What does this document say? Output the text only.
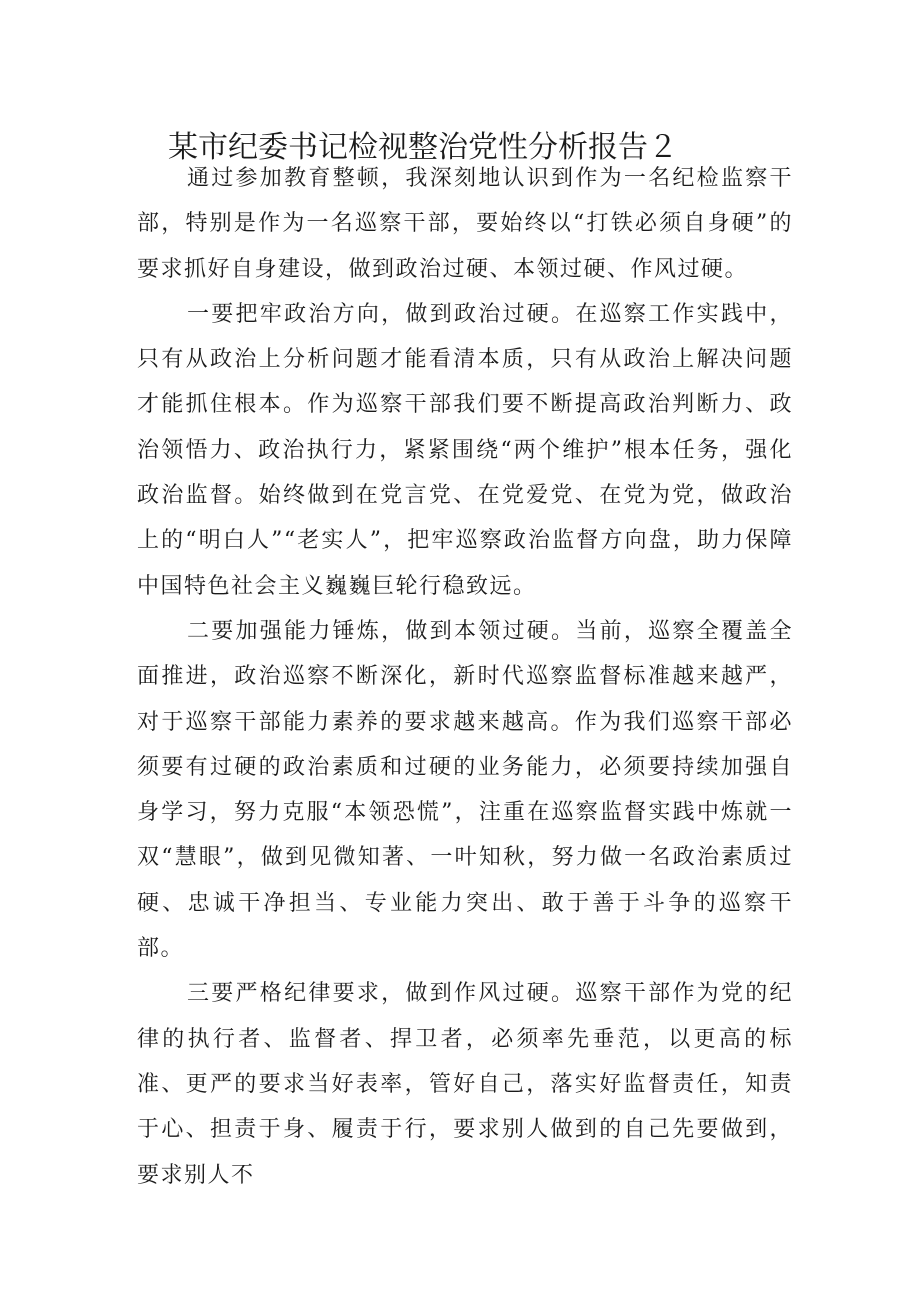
某市纪委书记检视整治党性分析报告２

通过参加教育整顿，我深刻地认识到作为一名纪检监察干部，特别是作为一名巡察干部，要始终以“打铁必须自身硬”的要求抓好自身建设，做到政治过硬、本领过硬、作风过硬。

一要把牢政治方向，做到政治过硬。在巡察工作实践中，只有从政治上分析问题才能看清本质，只有从政治上解决问题才能抓住根本。作为巡察干部我们要不断提高政治判断力、政治领悟力、政治执行力，紧紧围绕“两个维护”根本任务，强化政治监督。始终做到在党言党、在党爱党、在党为党，做政治上的“明白人”“老实人”，把牢巡察政治监督方向盘，助力保障中国特色社会主义巍巍巨轮行稳致远。

二要加强能力锤炼，做到本领过硬。当前，巡察全覆盖全面推进，政治巡察不断深化，新时代巡察监督标准越来越严，对于巡察干部能力素养的要求越来越高。作为我们巡察干部必须要有过硬的政治素质和过硬的业务能力，必须要持续加强自身学习，努力克服“本领恐慌”，注重在巡察监督实践中炼就一双“慧眼”，做到见微知著、一叶知秋，努力做一名政治素质过硬、忠诚干净担当、专业能力突出、敢于善于斗争的巡察干部。

三要严格纪律要求，做到作风过硬。巡察干部作为党的纪律的执行者、监督者、捍卫者，必须率先垂范，以更高的标准、更严的要求当好表率，管好自己，落实好监督责任，知责于心、担责于身、履责于行，要求别人做到的自己先要做到，要求别人不
